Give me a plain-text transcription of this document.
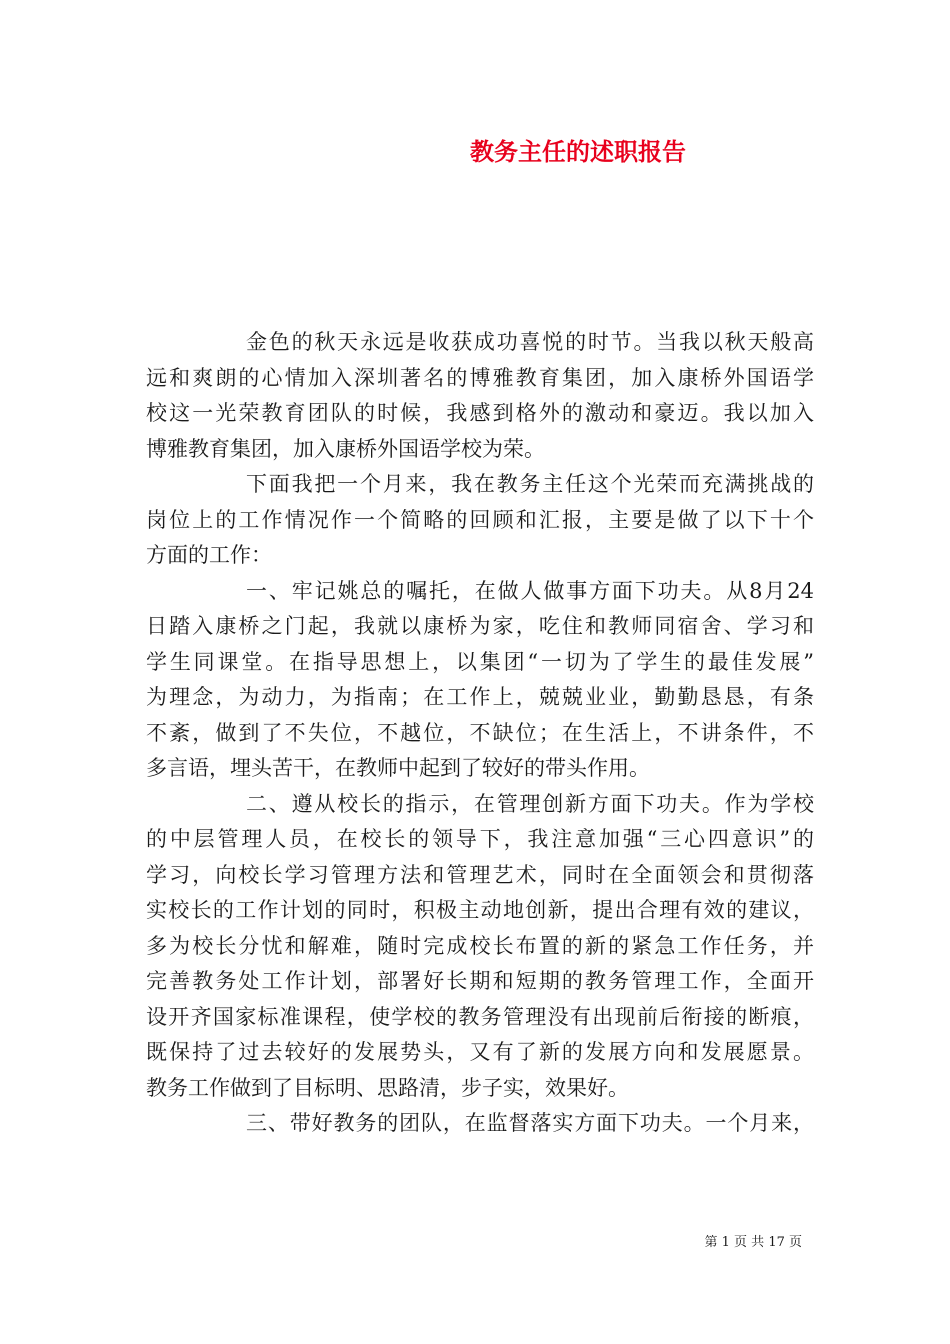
教务主任的述职报告
金色的秋天永远是收获成功喜悦的时节。当我以秋天般高
远和爽朗的心情加入深圳著名的博雅教育集团，加入康桥外国语学
校这一光荣教育团队的时候，我感到格外的激动和豪迈。我以加入
博雅教育集团，加入康桥外国语学校为荣。
下面我把一个月来，我在教务主任这个光荣而充满挑战的
岗位上的工作情况作一个简略的回顾和汇报，主要是做了以下十个
方面的工作：
一、牢记姚总的嘱托，在做人做事方面下功夫。从8月24
日踏入康桥之门起，我就以康桥为家，吃住和教师同宿舍、学习和
学生同课堂。在指导思想上，以集团“一切为了学生的最佳发展”
为理念，为动力，为指南；在工作上，兢兢业业，勤勤恳恳，有条
不紊，做到了不失位，不越位，不缺位；在生活上，不讲条件，不
多言语，埋头苦干，在教师中起到了较好的带头作用。
二、遵从校长的指示，在管理创新方面下功夫。作为学校
的中层管理人员，在校长的领导下，我注意加强“三心四意识”的
学习，向校长学习管理方法和管理艺术，同时在全面领会和贯彻落
实校长的工作计划的同时，积极主动地创新，提出合理有效的建议，
多为校长分忧和解难，随时完成校长布置的新的紧急工作任务，并
完善教务处工作计划，部署好长期和短期的教务管理工作，全面开
设开齐国家标准课程，使学校的教务管理没有出现前后衔接的断痕，
既保持了过去较好的发展势头，又有了新的发展方向和发展愿景。
教务工作做到了目标明、思路清，步子实，效果好。
三、带好教务的团队，在监督落实方面下功夫。一个月来，
第 1 页 共 17 页
